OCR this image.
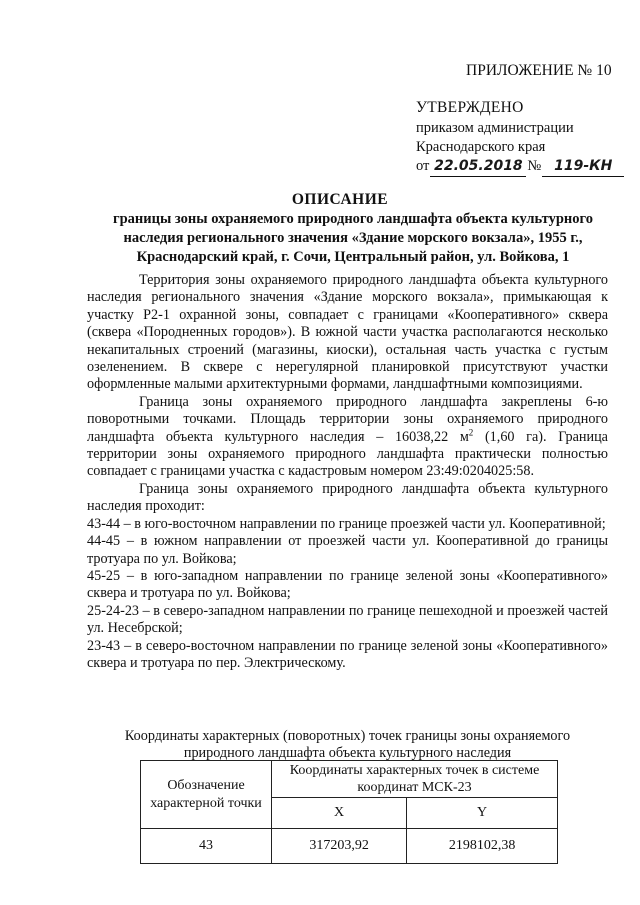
ПРИЛОЖЕНИЕ № 10
УТВЕРЖДЕНО
приказом администрации
Краснодарского края
от 22.05.2018 № 119-КН
ОПИСАНИЕ
границы зоны охраняемого природного ландшафта объекта культурного
наследия регионального значения «Здание морского вокзала», 1955 г.,
Краснодарский край, г. Сочи, Центральный район, ул. Войкова, 1

Территория зоны охраняемого природного ландшафта объекта культурного наследия регионального значения «Здание морского вокзала», примыкающая к участку Р2-1 охранной зоны, совпадает с границами «Кооперативного» сквера (сквера «Породненных городов»). В южной части участка располагаются несколько некапитальных строений (магазины, киоски), остальная часть участка с густым озеленением. В сквере с нерегулярной планировкой присутствуют участки оформленные малыми архитектурными формами, ландшафтными композициями.

Граница зоны охраняемого природного ландшафта закреплены 6-ю поворотными точками. Площадь территории зоны охраняемого природного ландшафта объекта культурного наследия – 16038,22 $м^2$ (1,60 га). Граница территории зоны охраняемого природного ландшафта практически полностью совпадает с границами участка с кадастровым номером 23:49:0204025:58.

Граница зоны охраняемого природного ландшафта объекта культурного наследия проходит:

43-44 – в юго-восточном направлении по границе проезжей части ул. Кооперативной;

44-45 – в южном направлении от проезжей части ул. Кооперативной до границы тротуара по ул. Войкова;

45-25 – в юго-западном направлении по границе зеленой зоны «Кооперативного» сквера и тротуара по ул. Войкова;

25-24-23 – в северо-западном направлении по границе пешеходной и проезжей частей ул. Несебрской;

23-43 – в северо-восточном направлении по границе зеленой зоны «Кооперативного» сквера и тротуара по пер. Электрическому.

Координаты характерных (поворотных) точек границы зоны охраняемого
природного ландшафта объекта культурного наследия
Обозначение характерной точки	Координаты характерных точек в системе координат МСК-23	
	X	Y
43	317203,92	2198102,38
